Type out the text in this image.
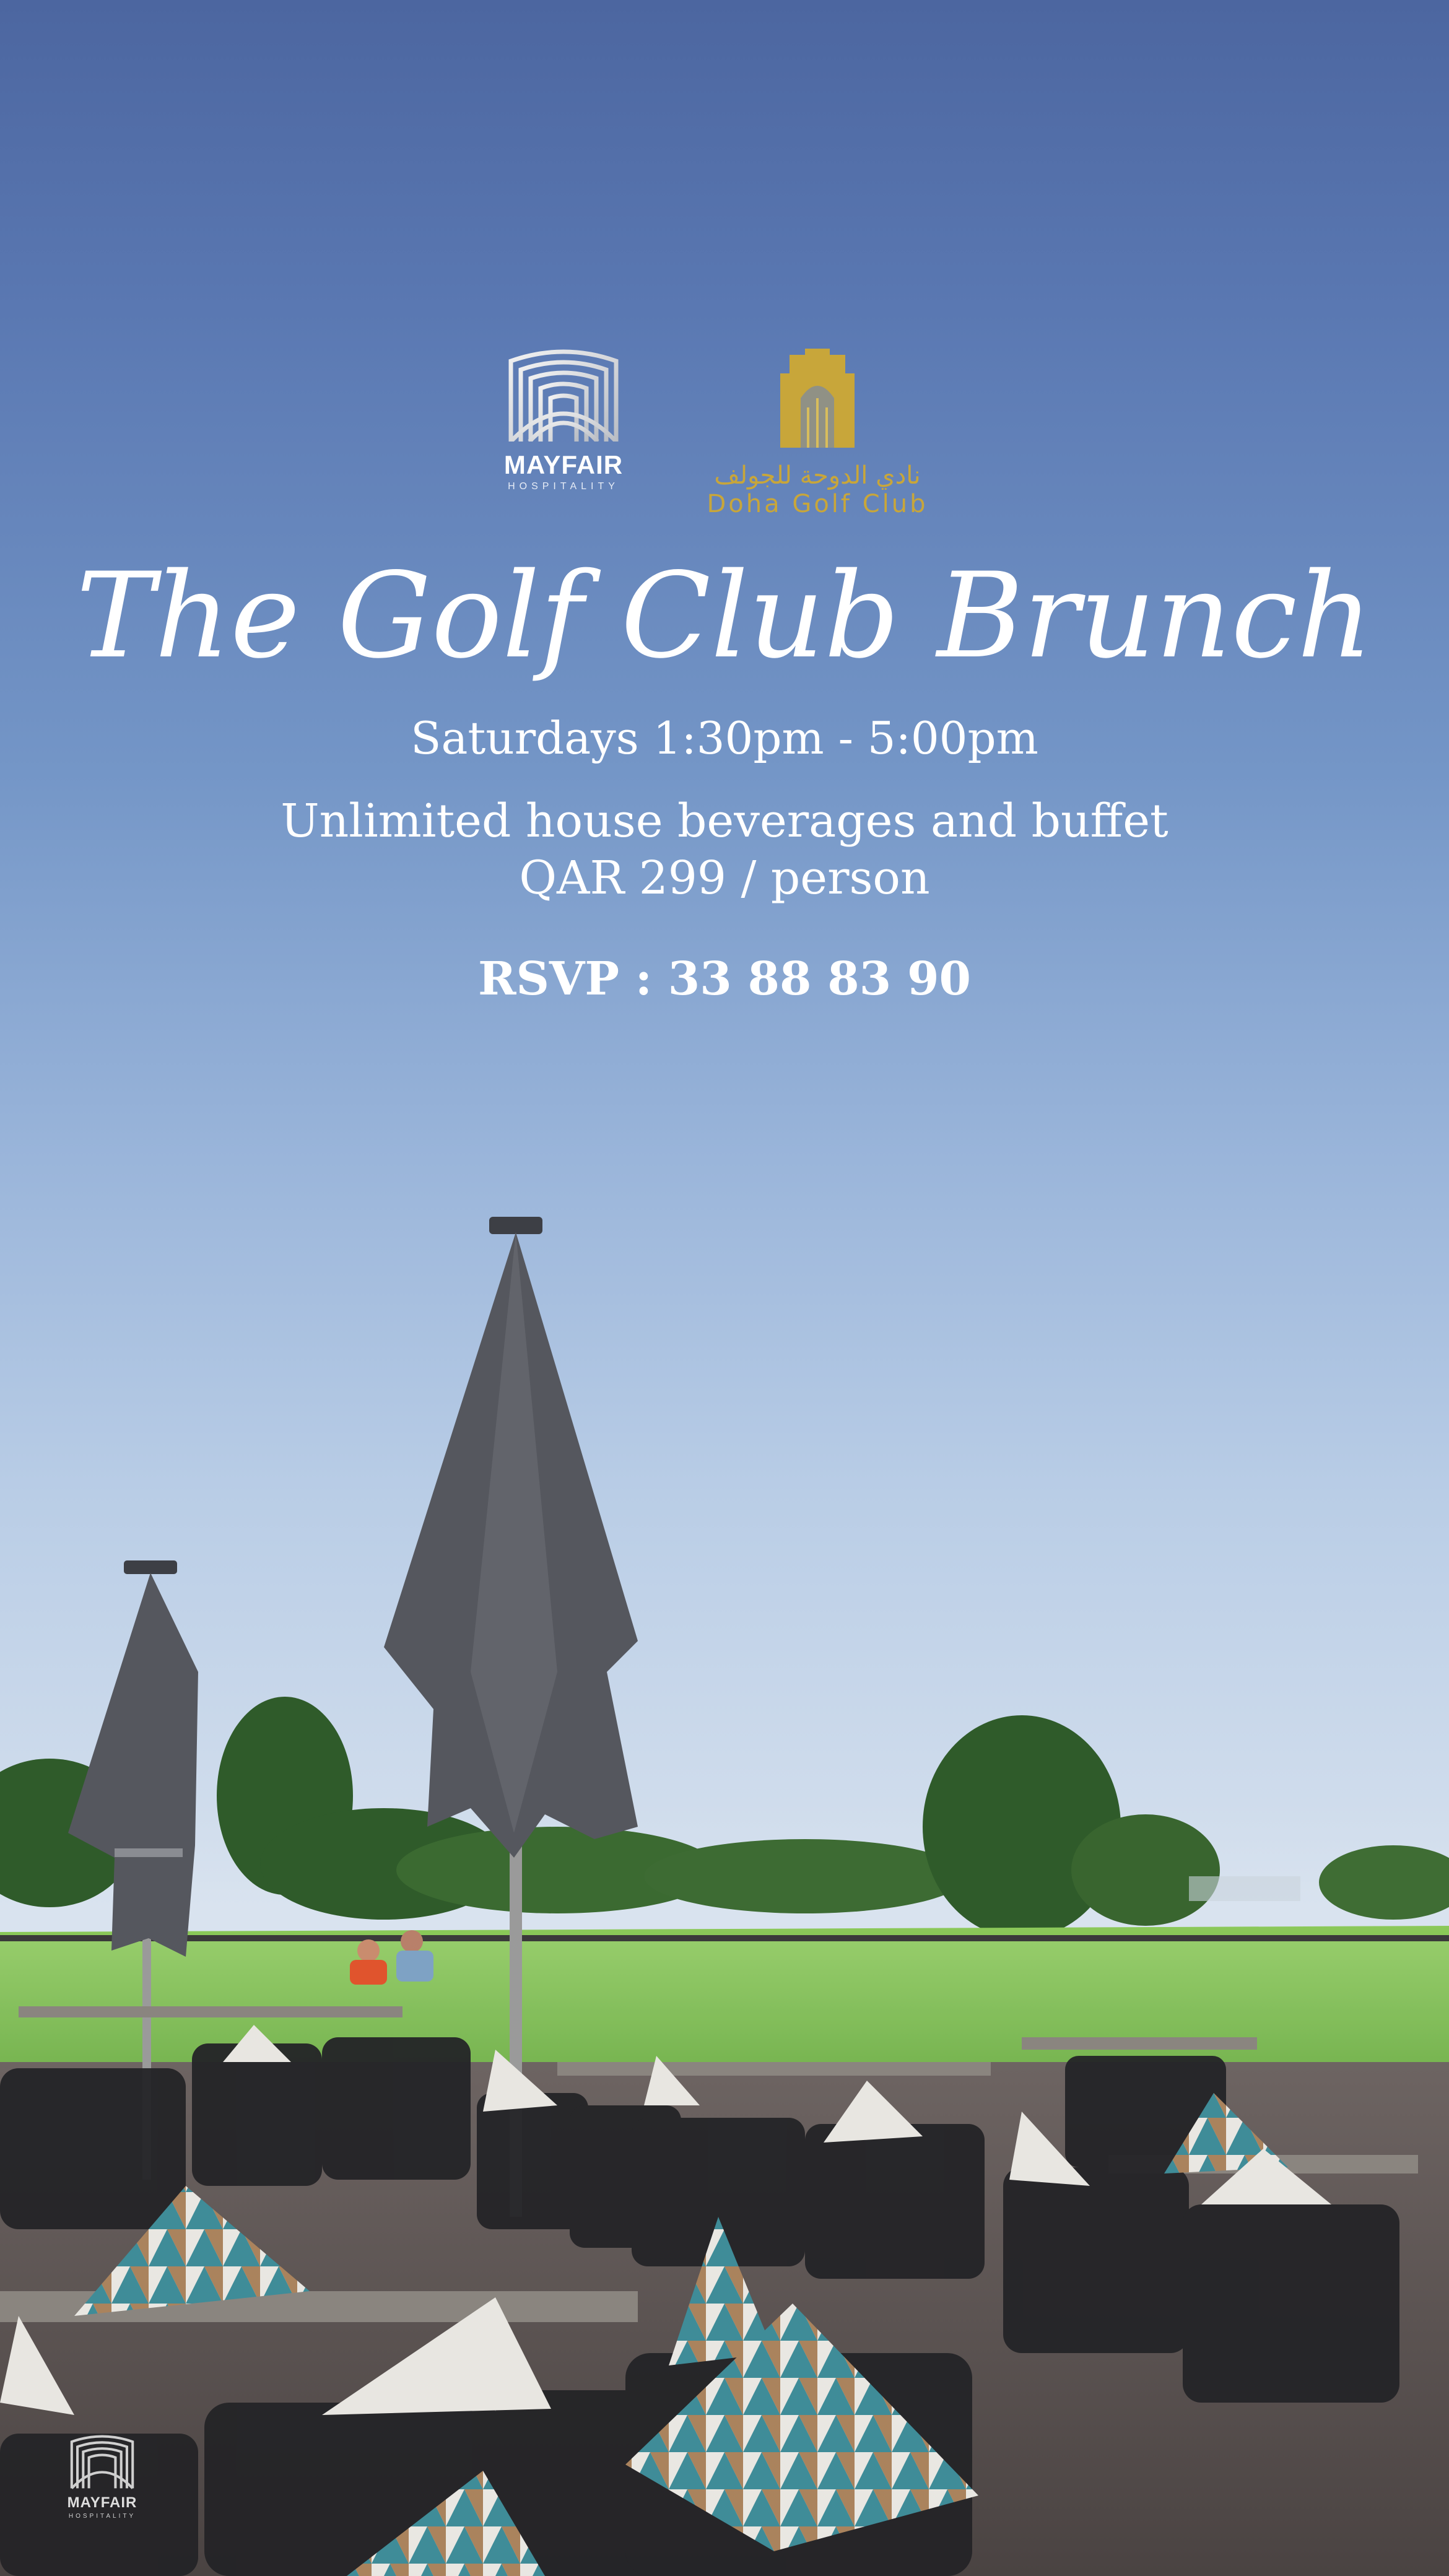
MAYFAIR
HOSPITALITY	نادي الدوحة للجولف
Doha Golf Club
The Golf Club Brunch
Saturdays 1:30pm - 5:00pm
Unlimited house beverages and buffet
QAR 299 / person
RSVP : 33 88 83 90
MAYFAIR
HOSPITALITY
